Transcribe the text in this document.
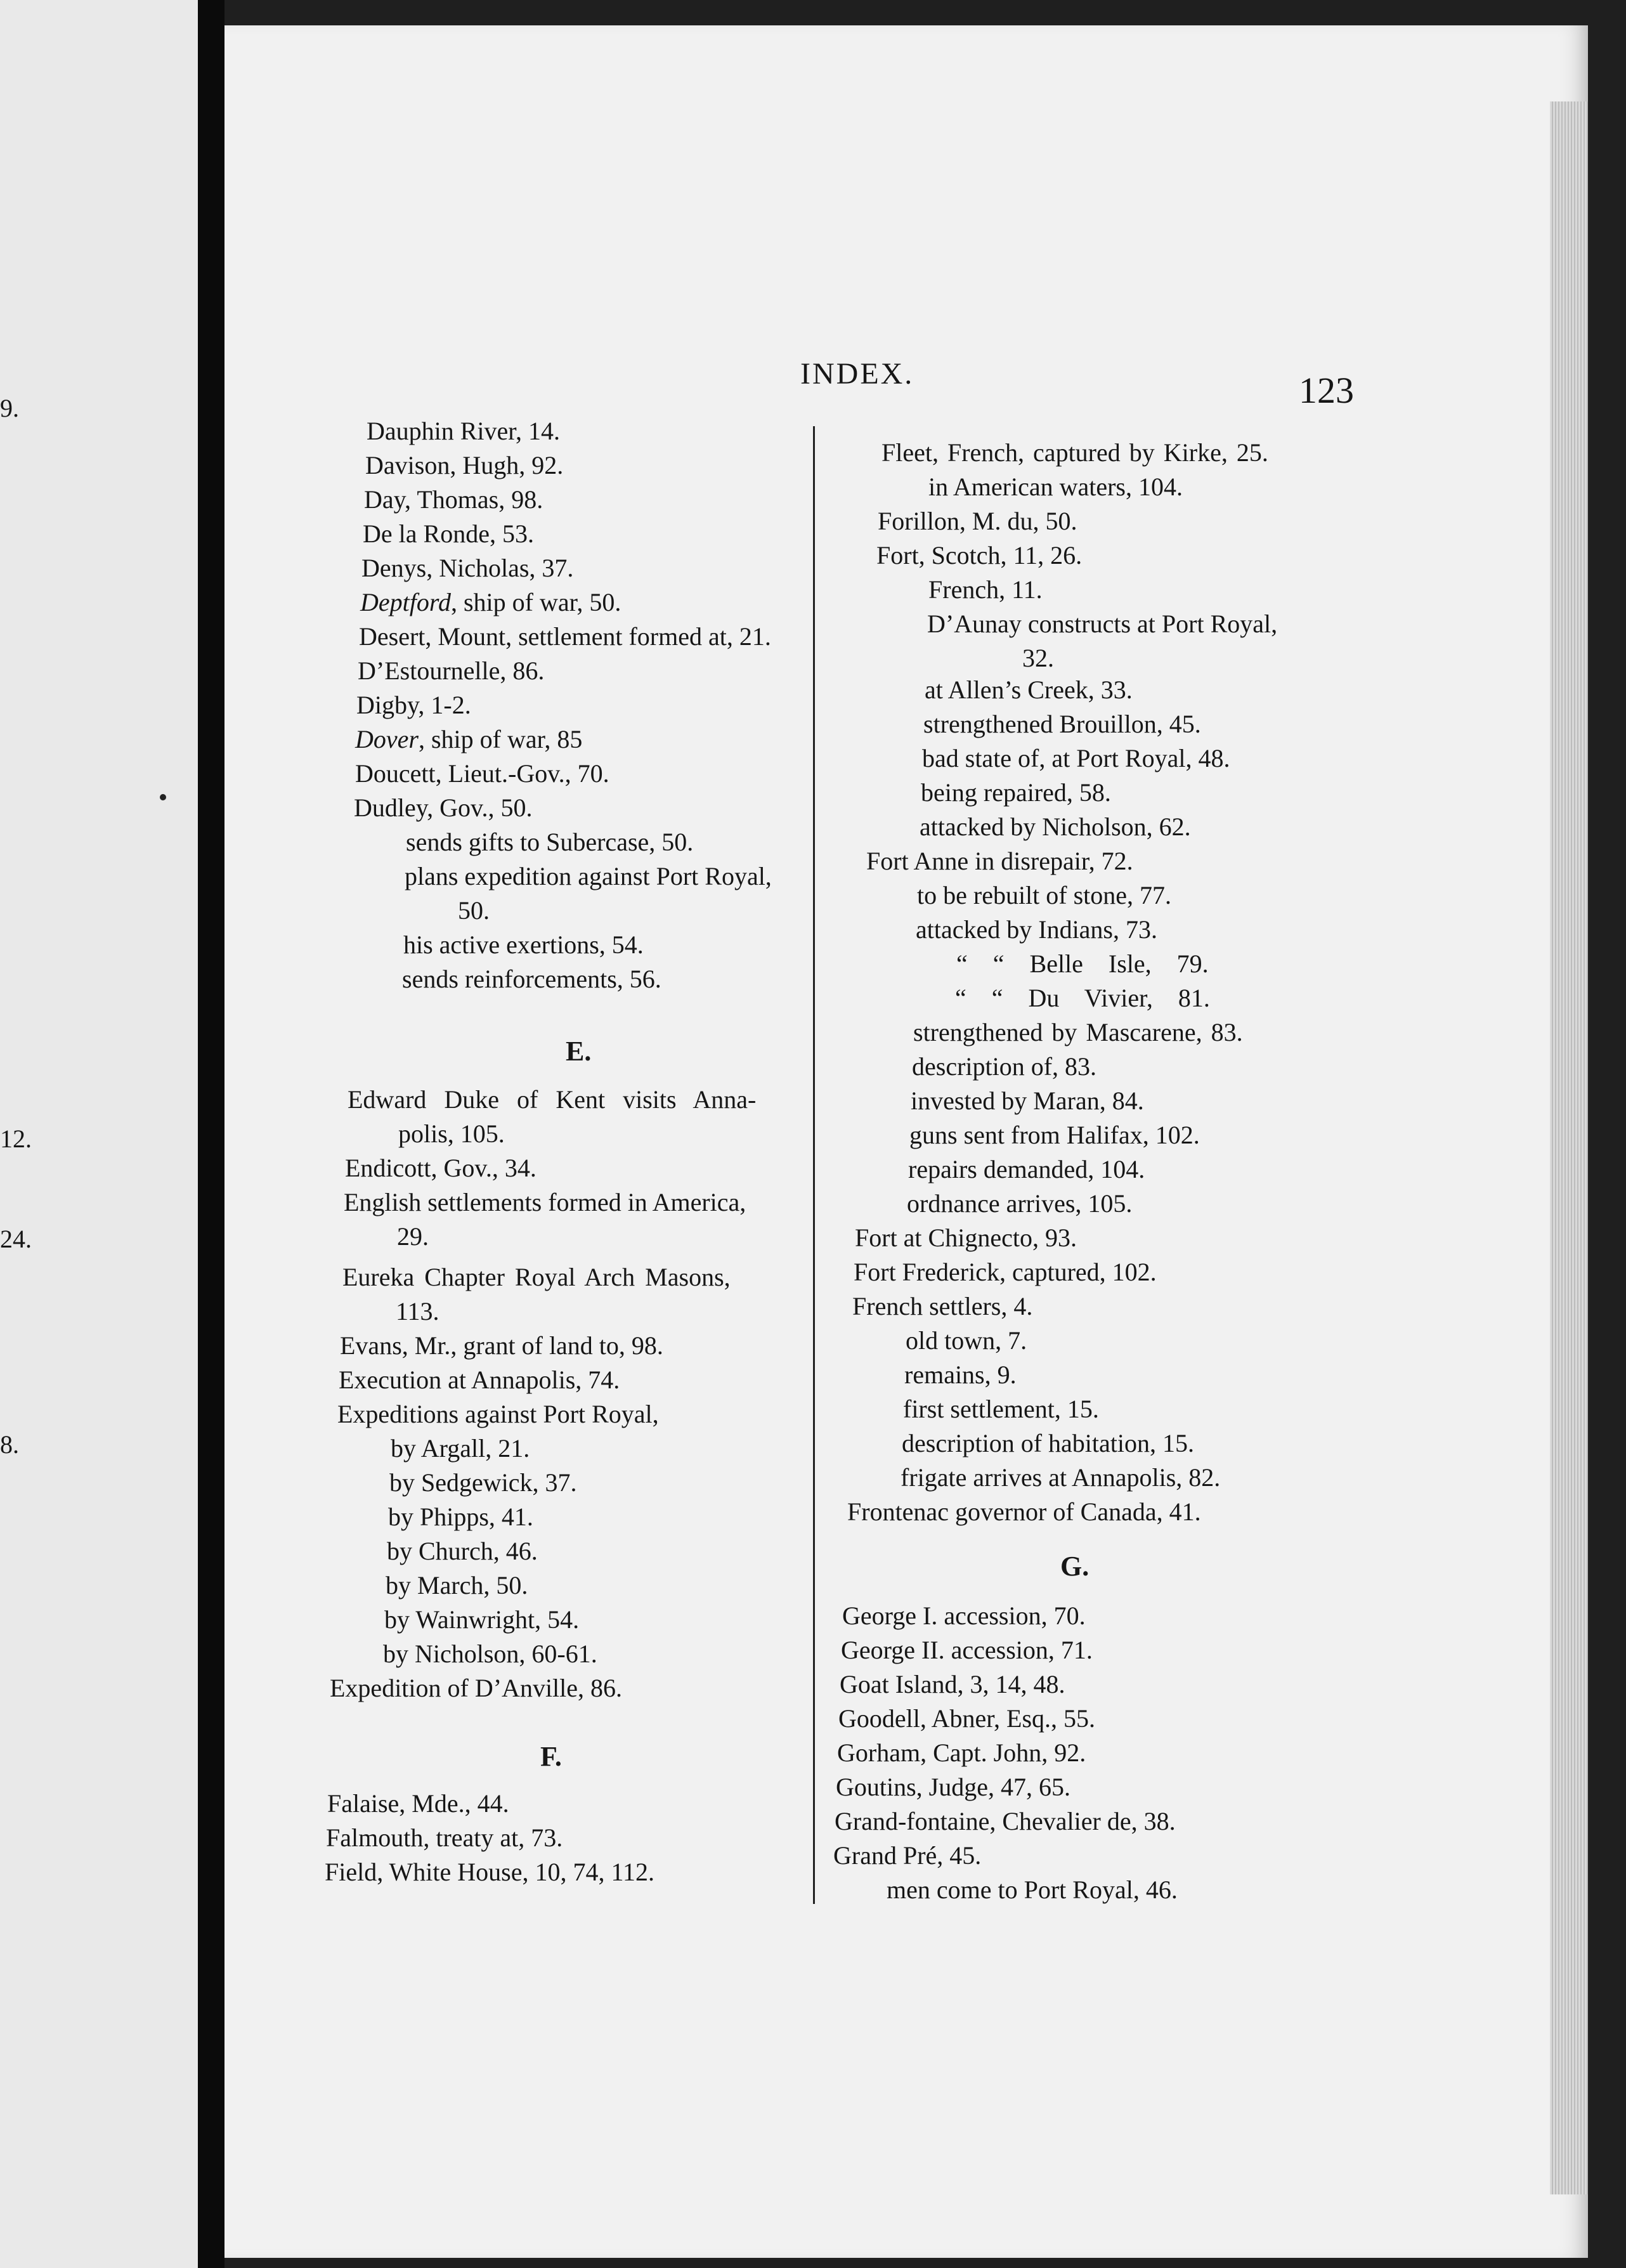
9.
12.
24.
8.
INDEX.	123
Dauphin River, 14.
Davison, Hugh, 92.
Day, Thomas, 98.
De la Ronde, 53.
Denys, Nicholas, 37.
Deptford, ship of war, 50.
Desert, Mount, settlement formed at, 21.
D’Estournelle, 86.
Digby, 1-2.
Dover, ship of war, 85
Doucett, Lieut.-Gov., 70.
Dudley, Gov., 50.
sends gifts to Subercase, 50.
plans expedition against Port Royal,
50.
his active exertions, 54.
sends reinforcements, 56.
E.
Edward Duke of Kent visits Anna-
polis, 105.
Endicott, Gov., 34.
English settlements formed in America,
29.
Eureka Chapter Royal Arch Masons,
113.
Evans, Mr., grant of land to, 98.
Execution at Annapolis, 74.
Expeditions against Port Royal,
by Argall, 21.
by Sedgewick, 37.
by Phipps, 41.
by Church, 46.
by March, 50.
by Wainwright, 54.
by Nicholson, 60-61.
Expedition of D’Anville, 86.
F.
Falaise, Mde., 44.
Falmouth, treaty at, 73.
Field, White House, 10, 74, 112.
Fleet, French, captured by Kirke, 25.
in American waters, 104.
Forillon, M. du, 50.
Fort, Scotch, 11, 26.
French, 11.
D’Aunay constructs at Port Royal,
32.
at Allen’s Creek, 33.
strengthened Brouillon, 45.
bad state of, at Port Royal, 48.
being repaired, 58.
attacked by Nicholson, 62.
Fort Anne in disrepair, 72.
to be rebuilt of stone, 77.
attacked by Indians, 73.
“ “ Belle Isle, 79.
“ “ Du Vivier, 81.
strengthened by Mascarene, 83.
description of, 83.
invested by Maran, 84.
guns sent from Halifax, 102.
repairs demanded, 104.
ordnance arrives, 105.
Fort at Chignecto, 93.
Fort Frederick, captured, 102.
French settlers, 4.
old town, 7.
remains, 9.
first settlement, 15.
description of habitation, 15.
frigate arrives at Annapolis, 82.
Frontenac governor of Canada, 41.
G.
George I. accession, 70.
George II. accession, 71.
Goat Island, 3, 14, 48.
Goodell, Abner, Esq., 55.
Gorham, Capt. John, 92.
Goutins, Judge, 47, 65.
Grand-fontaine, Chevalier de, 38.
Grand Pré, 45.
men come to Port Royal, 46.
